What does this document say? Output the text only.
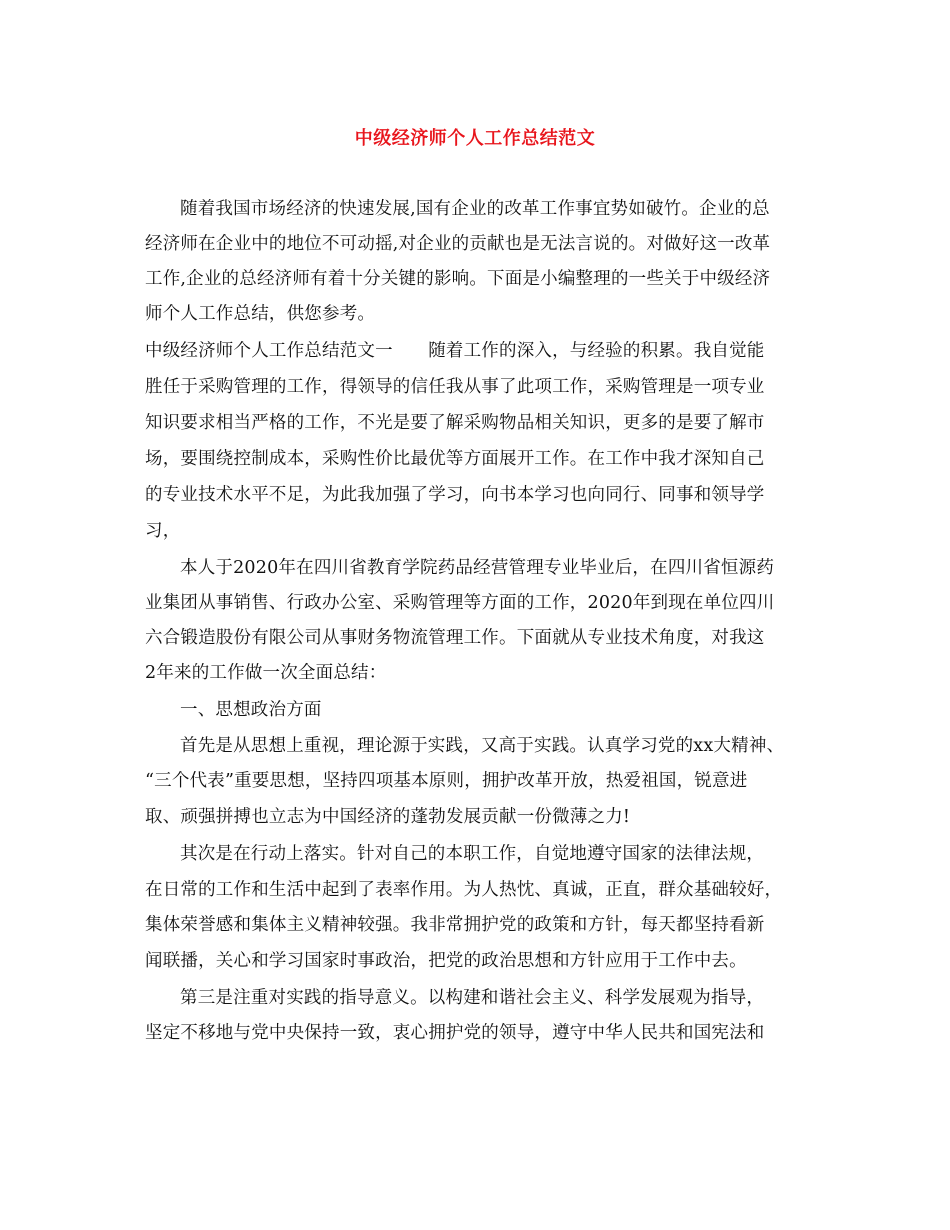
中级经济师个人工作总结范文
随着我国市场经济的快速发展,国有企业的改革工作事宜势如破竹。企业的总
经济师在企业中的地位不可动摇,对企业的贡献也是无法言说的。对做好这一改革
工作,企业的总经济师有着十分关键的影响。下面是小编整理的一些关于中级经济
师个人工作总结，供您参考。
中级经济师个人工作总结范文一　　随着工作的深入，与经验的积累。我自觉能
胜任于采购管理的工作，得领导的信任我从事了此项工作，采购管理是一项专业
知识要求相当严格的工作，不光是要了解采购物品相关知识，更多的是要了解市
场，要围绕控制成本，采购性价比最优等方面展开工作。在工作中我才深知自己
的专业技术水平不足，为此我加强了学习，向书本学习也向同行、同事和领导学
习，
本人于2020年在四川省教育学院药品经营管理专业毕业后，在四川省恒源药
业集团从事销售、行政办公室、采购管理等方面的工作，2020年到现在单位四川
六合锻造股份有限公司从事财务物流管理工作。下面就从专业技术角度，对我这
2年来的工作做一次全面总结：
一、思想政治方面
首先是从思想上重视，理论源于实践，又高于实践。认真学习党的xx大精神、
“三个代表”重要思想，坚持四项基本原则，拥护改革开放，热爱祖国，锐意进
取、顽强拼搏也立志为中国经济的蓬勃发展贡献一份微薄之力!
其次是在行动上落实。针对自己的本职工作，自觉地遵守国家的法律法规，
在日常的工作和生活中起到了表率作用。为人热忱、真诚，正直，群众基础较好，
集体荣誉感和集体主义精神较强。我非常拥护党的政策和方针，每天都坚持看新
闻联播，关心和学习国家时事政治，把党的政治思想和方针应用于工作中去。
第三是注重对实践的指导意义。以构建和谐社会主义、科学发展观为指导，
坚定不移地与党中央保持一致，衷心拥护党的领导，遵守中华人民共和国宪法和
